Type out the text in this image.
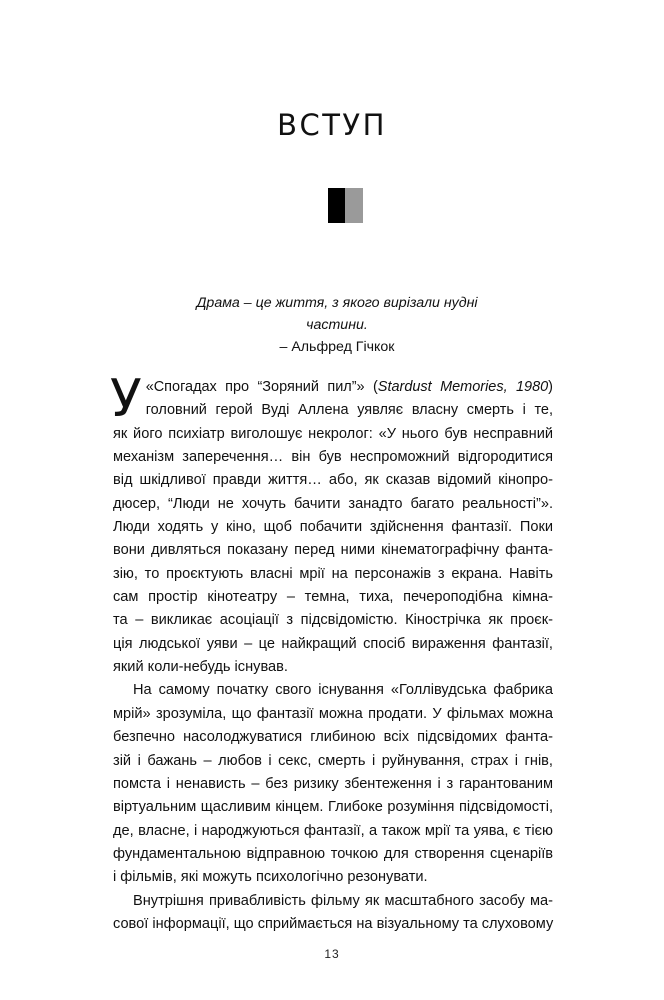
ВСТУП
Драма – це життя, з якого вирізали нудні
частини.
– Альфред Гічкок
У «Спогадах про “Зоряний пил”» (Stardust Memories, 1980)
головний герой Вуді Аллена уявляє власну смерть і те,
як його психіатр виголошує некролог: «У нього був несправний
механізм заперечення… він був неспроможний відгородитися
від шкідливої правди життя… або, як сказав відомий кінопро-
дюсер, “Люди не хочуть бачити занадто багато реальності”».
Люди ходять у кіно, щоб побачити здійснення фантазії. Поки
вони дивляться показану перед ними кінематографічну фанта-
зію, то проєктують власні мрії на персонажів з екрана. Навіть
сам простір кінотеатру – темна, тиха, печероподібна кімна-
та – викликає асоціації з підсвідомістю. Кінострічка як проєк-
ція людської уяви – це найкращий спосіб вираження фантазії,
який коли-небудь існував.
На самому початку свого існування «Голлівудська фабрика
мрій» зрозуміла, що фантазії можна продати. У фільмах можна
безпечно насолоджуватися глибиною всіх підсвідомих фанта-
зій і бажань – любов і секс, смерть і руйнування, страх і гнів,
помста і ненависть – без ризику збентеження і з гарантованим
віртуальним щасливим кінцем. Глибоке розуміння підсвідомості,
де, власне, і народжуються фантазії, а також мрії та уява, є тією
фундаментальною відправною точкою для створення сценаріїв
і фільмів, які можуть психологічно резонувати.
Внутрішня привабливість фільму як масштабного засобу ма-
сової інформації, що сприймається на візуальному та слуховому
13
